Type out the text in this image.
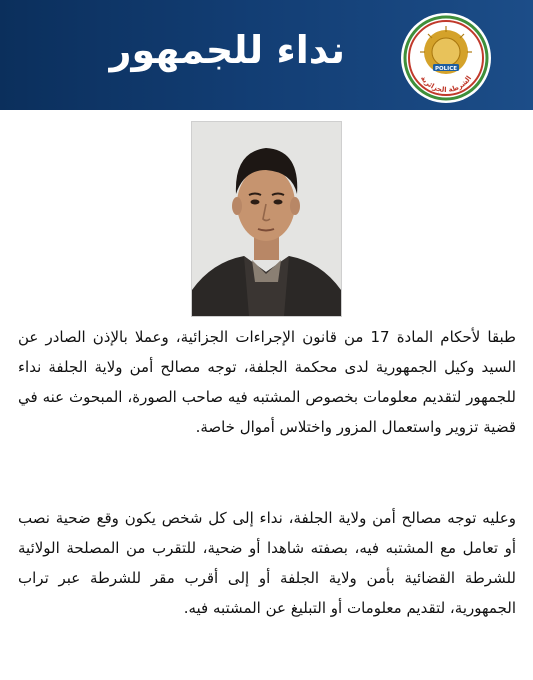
نداء للجمهور	POLICE
الشرطة الجزائرية
طبقا لأحكام المادة 17 من قانون الإجراءات الجزائية، وعملا بالإذن الصادر عن السيد وكيل الجمهورية لدى محكمة الجلفة، توجه مصالح أمن ولاية الجلفة نداء للجمهور لتقديم معلومات بخصوص المشتبه فيه صاحب الصورة، المبحوث عنه في قضية تزوير واستعمال المزور واختلاس أموال خاصة.
وعليه توجه مصالح أمن ولاية الجلفة، نداء إلى كل شخص يكون وقع ضحية نصب أو تعامل مع المشتبه فيه، بصفته شاهدا أو ضحية، للتقرب من المصلحة الولائية للشرطة القضائية بأمن ولاية الجلفة أو إلى أقرب مقر للشرطة عبر تراب الجمهورية، لتقديم معلومات أو التبليغ عن المشتبه فيه.
